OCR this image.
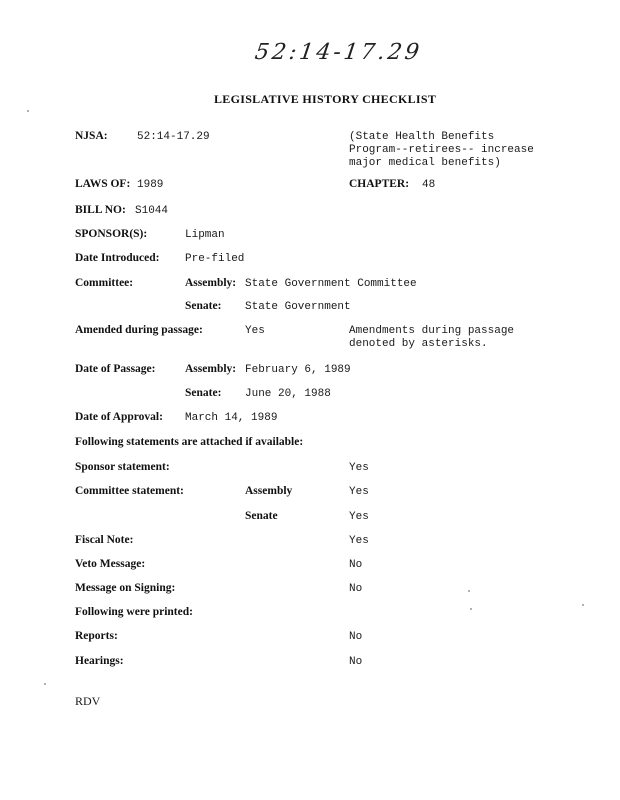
52:14-17.29
LEGISLATIVE HISTORY CHECKLIST
NJSA:	52:14-17.29	(State Health Benefits Program--retirees-- increase major medical benefits)
LAWS OF: 1989	CHAPTER: 48
BILL NO: S1044
SPONSOR(S):	Lipman
Date Introduced: Pre-filed
Committee:	Assembly: State Government Committee
Senate: State Government
Amended during passage:	Yes	Amendments during passage denoted by asterisks.
Date of Passage:	Assembly: February 6, 1989
Senate: June 20, 1988
Date of Approval: March 14, 1989
Following statements are attached if available:
Sponsor statement:	Yes
Committee statement:	Assembly	Yes
Senate	Yes
Fiscal Note:	Yes
Veto Message:	No
Message on Signing:	No
Following were printed:
Reports:	No
Hearings:	No
RDV
